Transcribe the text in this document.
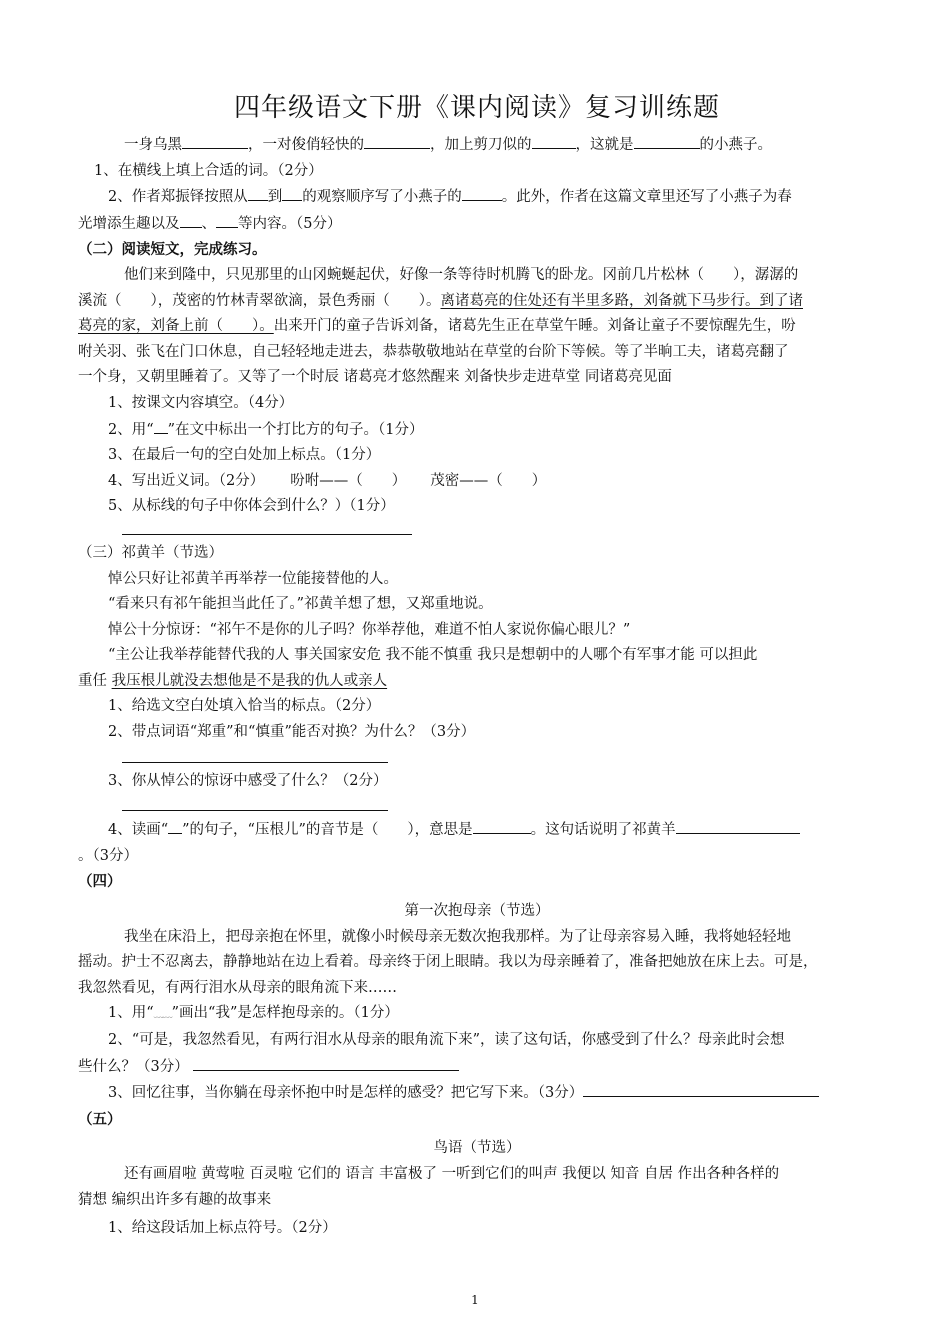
四年级语文下册《课内阅读》复习训练题
一身乌黑	，一对俊俏轻快的	，加上剪刀似的	，这就是	的小燕子。
1、在横线上填上合适的词。（2分）
2、作者郑振铎按照从 到 的观察顺序写了小燕子的	。此外，作者在这篇文章里还写了小燕子为春
光增添生趣以及 、 等内容。（5分）
（二）阅读短文，完成练习。
他们来到隆中，只见那里的山冈蜿蜒起伏，好像一条等待时机腾飞的卧龙。冈前几片松林（　　），潺潺的
溪流（　　），茂密的竹林青翠欲滴，景色秀丽（　　）。离诸葛亮的住处还有半里多路，刘备就下马步行。到了诸
葛亮的家，刘备上前（　　）。出来开门的童子告诉刘备，诸葛先生正在草堂午睡。刘备让童子不要惊醒先生，吩
咐关羽、张飞在门口休息，自己轻轻地走进去，恭恭敬敬地站在草堂的台阶下等候。等了半晌工夫，诸葛亮翻了
一个身，又朝里睡着了。又等了一个时辰 诸葛亮才悠然醒来 刘备快步走进草堂 同诸葛亮见面
1、按课文内容填空。（4分）
2、用“ ”在文中标出一个打比方的句子。（1分）
3、在最后一句的空白处加上标点。（1分）
4、写出近义词。（2分） 吩咐——（　　） 茂密——（　　）
5、从标线的句子中你体会到什么？）（1分）
（三）祁黄羊（节选）
悼公只好让祁黄羊再举荐一位能接替他的人。
“看来只有祁午能担当此任了。”祁黄羊想了想，又郑重地说。
悼公十分惊讶：“祁午不是你的儿子吗？你举荐他，难道不怕人家说你偏心眼儿？”
“主公让我举荐能替代我的人 事关国家安危 我不能不慎重 我只是想朝中的人哪个有军事才能 可以担此
重任 我压根儿就没去想他是不是我的仇人或亲人
1、给选文空白处填入恰当的标点。（2分）
2、带点词语“郑重”和“慎重”能否对换？为什么？（3分）
3、你从悼公的惊讶中感受了什么？（2分）
4、读画“ ”的句子，“压根儿”的音节是（　　），意思是	。这句话说明了祁黄羊
。（3分）
（四）
第一次抱母亲（节选）
我坐在床沿上，把母亲抱在怀里，就像小时候母亲无数次抱我那样。为了让母亲容易入睡，我将她轻轻地
摇动。护士不忍离去，静静地站在边上看着。母亲终于闭上眼睛。我以为母亲睡着了，准备把她放在床上去。可是，
我忽然看见，有两行泪水从母亲的眼角流下来……
1、用“﹏﹏”画出“我”是怎样抱母亲的。（1分）
2、“可是，我忽然看见，有两行泪水从母亲的眼角流下来”，读了这句话，你感受到了什么？母亲此时会想
些什么？（3分）
3、回忆往事，当你躺在母亲怀抱中时是怎样的感受？把它写下来。（3分）
（五）
鸟语（节选）
还有画眉啦 黄莺啦 百灵啦 它们的 语言 丰富极了 一听到它们的叫声 我便以 知音 自居 作出各种各样的
猜想 编织出许多有趣的故事来
1、给这段话加上标点符号。（2分）
1
